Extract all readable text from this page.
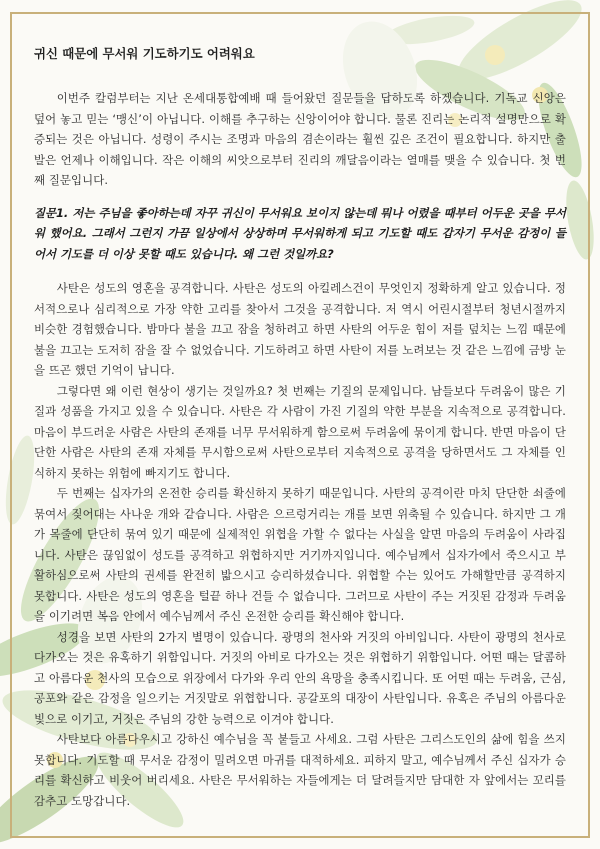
귀신 때문에 무서워 기도하기도 어려워요

이번주 칼럼부터는 지난 온세대통합예배 때 들어왔던 질문들을 답하도록 하겠습니다. 기독교 신앙은 덮어 놓고 믿는 ‘맹신’이 아닙니다. 이해를 추구하는 신앙이어야 합니다. 물론 진리는 논리적 설명만으로 확증되는 것은 아닙니다. 성령이 주시는 조명과 마음의 겸손이라는 훨씬 깊은 조건이 필요합니다. 하지만 출발은 언제나 이해입니다. 작은 이해의 씨앗으로부터 진리의 깨달음이라는 열매를 맺을 수 있습니다. 첫 번째 질문입니다.

질문1. 저는 주님을 좋아하는데 자꾸 귀신이 무서워요 보이지 않는데 뭐나 어렸을 때부터 어두운 곳을 무서워 했어요. 그래서 그런지 가끔 일상에서 상상하며 무서워하게 되고 기도할 때도 갑자기 무서운 감정이 들어서 기도를 더 이상 못할 때도 있습니다. 왜 그런 것일까요?

사탄은 성도의 영혼을 공격합니다. 사탄은 성도의 아킬레스건이 무엇인지 정확하게 알고 있습니다. 정서적으로나 심리적으로 가장 약한 고리를 찾아서 그것을 공격합니다. 저 역시 어린시절부터 청년시절까지 비슷한 경험했습니다. 밤마다 불을 끄고 잠을 청하려고 하면 사탄의 어두운 힘이 저를 덮치는 느낌 때문에 불을 끄고는 도저히 잠을 잘 수 없었습니다. 기도하려고 하면 사탄이 저를 노려보는 것 같은 느낌에 금방 눈을 뜨곤 했던 기억이 납니다.

그렇다면 왜 이런 현상이 생기는 것일까요? 첫 번째는 기질의 문제입니다. 남들보다 두려움이 많은 기질과 성품을 가지고 있을 수 있습니다. 사탄은 각 사람이 가진 기질의 약한 부분을 지속적으로 공격합니다. 마음이 부드러운 사람은 사탄의 존재를 너무 무서워하게 함으로써 두려움에 묶이게 합니다. 반면 마음이 단단한 사람은 사탄의 존재 자체를 무시함으로써 사탄으로부터 지속적으로 공격을 당하면서도 그 자체를 인식하지 못하는 위험에 빠지기도 합니다.

두 번째는 십자가의 온전한 승리를 확신하지 못하기 때문입니다. 사탄의 공격이란 마치 단단한 쇠줄에 묶여서 짖어대는 사나운 개와 같습니다. 사람은 으르렁거리는 개를 보면 위축될 수 있습니다. 하지만 그 개가 목줄에 단단히 묶여 있기 때문에 실제적인 위협을 가할 수 없다는 사실을 알면 마음의 두려움이 사라집니다. 사탄은 끊임없이 성도를 공격하고 위협하지만 거기까지입니다. 예수님께서 십자가에서 죽으시고 부활하심으로써 사탄의 권세를 완전히 밟으시고 승리하셨습니다. 위협할 수는 있어도 가해할만큼 공격하지 못합니다. 사탄은 성도의 영혼을 털끝 하나 건들 수 없습니다. 그러므로 사탄이 주는 거짓된 감정과 두려움을 이기려면 복음 안에서 예수님께서 주신 온전한 승리를 확신해야 합니다.

성경을 보면 사탄의 2가지 별명이 있습니다. 광명의 천사와 거짓의 아비입니다. 사탄이 광명의 천사로 다가오는 것은 유혹하기 위함입니다. 거짓의 아비로 다가오는 것은 위협하기 위함입니다. 어떤 때는 달콤하고 아름다운 천사의 모습으로 위장에서 다가와 우리 안의 욕망을 충족시킵니다. 또 어떤 때는 두려움, 근심, 공포와 같은 감정을 일으키는 거짓말로 위협합니다. 공갈포의 대장이 사탄입니다. 유혹은 주님의 아름다운 빛으로 이기고, 거짓은 주님의 강한 능력으로 이겨야 합니다.

사탄보다 아름다우시고 강하신 예수님을 꼭 붙들고 사세요. 그럼 사탄은 그리스도인의 삶에 힘을 쓰지 못합니다. 기도할 때 무서운 감정이 밀려오면 마귀를 대적하세요. 피하지 말고, 예수님께서 주신 십자가 승리를 확신하고 비웃어 버리세요. 사탄은 무서워하는 자들에게는 더 달려들지만 담대한 자 앞에서는 꼬리를 감추고 도망갑니다.
